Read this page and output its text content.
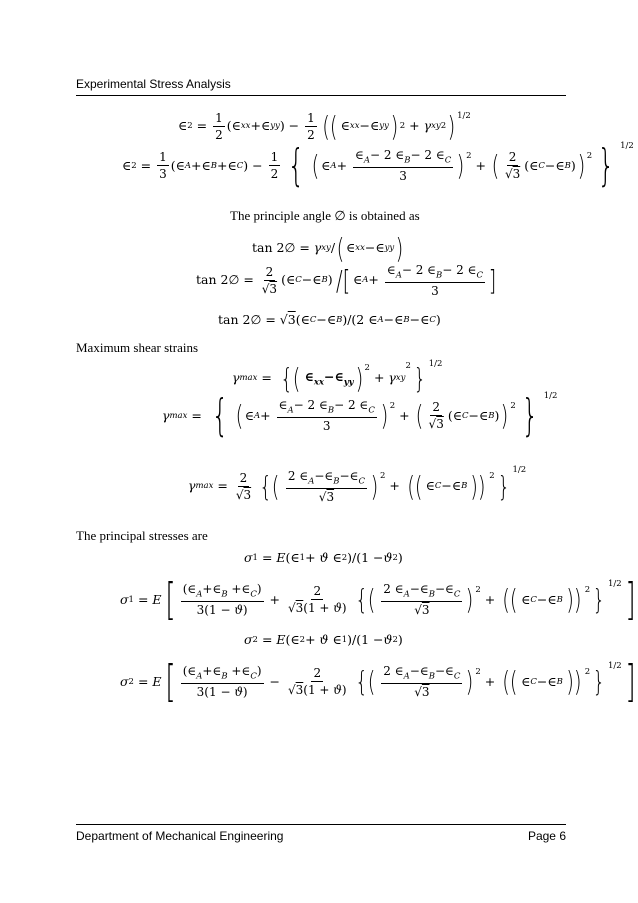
Experimental Stress Analysis
∈ $2 = \frac{1}{2}$ (∈ xx +∈ yy ) − $\frac{1}{2}$ (( ∈ xx −∈ yy ) 2 + γ xy 2 )$^{1/2}$
∈ $2 = \frac{1}{3}$ (∈ A +∈ B +∈ C ) − $\frac{1}{2}$ { ( ∈ $A + \frac{\in_A- 2 \in_B- 2 \in_C}{3} )^2$
+ ( $\frac{2}{√3}$ (∈ C −∈ B ) )$^2$ } $^{1/2}$
The principle angle ∅ is obtained as
tan 2∅ = γ xy / ( ∈ xx −∈ yy )
tan 2∅ = $\frac{2}{√3}$ (∈ C −∈ B ) /[ ∈ $A + \frac{\in_A- 2 \in_B- 2 \in_C}{3}$ ]
tan 2∅ = √ 3 (∈ C −∈ B )/(2 ∈ A −∈ B −∈ C )
Maximum shear strains
γ max = {( $\in_{xx}-\in_{yy}$ )$^2$
+ γ xy
$^2$ } $^{1/2}$
γ max = { ( ∈ $A + \frac{\in_A- 2 \in_B- 2 \in_C}{3} )^2$
+ ( $\frac{2}{√3}$ (∈ C −∈ B ) )$^2$ } $^{1/2}$
γ $\max = \frac{2}{√3}$ {( $\frac{2 \in_A-\in_B-\in_C}{√3} )^2$
+ (( ∈ C −∈ B )) $^2$ } $^{1/2}$
The principal stresses are
σ 1 = E (∈ 1 + ϑ ∈ 2 )/(1 − ϑ 2 )
σ 1 = E [ $\frac{(\in_A+\in_B +\in_C)}{3(1 - ϑ)} + \frac{2}{√3(1 + ϑ)}$ {( $\frac{2 \in_A-\in_B-\in_C}{√3} )^2$
+ (( ∈ C −∈ B )) $^2$ } $^{1/2}$ ]
σ 2 = E (∈ 2 + ϑ ∈ 1 )/(1 − ϑ 2 )
σ 2 = E [ $\frac{(\in_A+\in_B +\in_C)}{3(1 - ϑ)} - \frac{2}{√3(1 + ϑ)}$ {( $\frac{2 \in_A-\in_B-\in_C}{√3} )^2$
+ (( ∈ C −∈ B )) $^2$ } $^{1/2}$ ]
Department of Mechanical Engineering	Page 6
